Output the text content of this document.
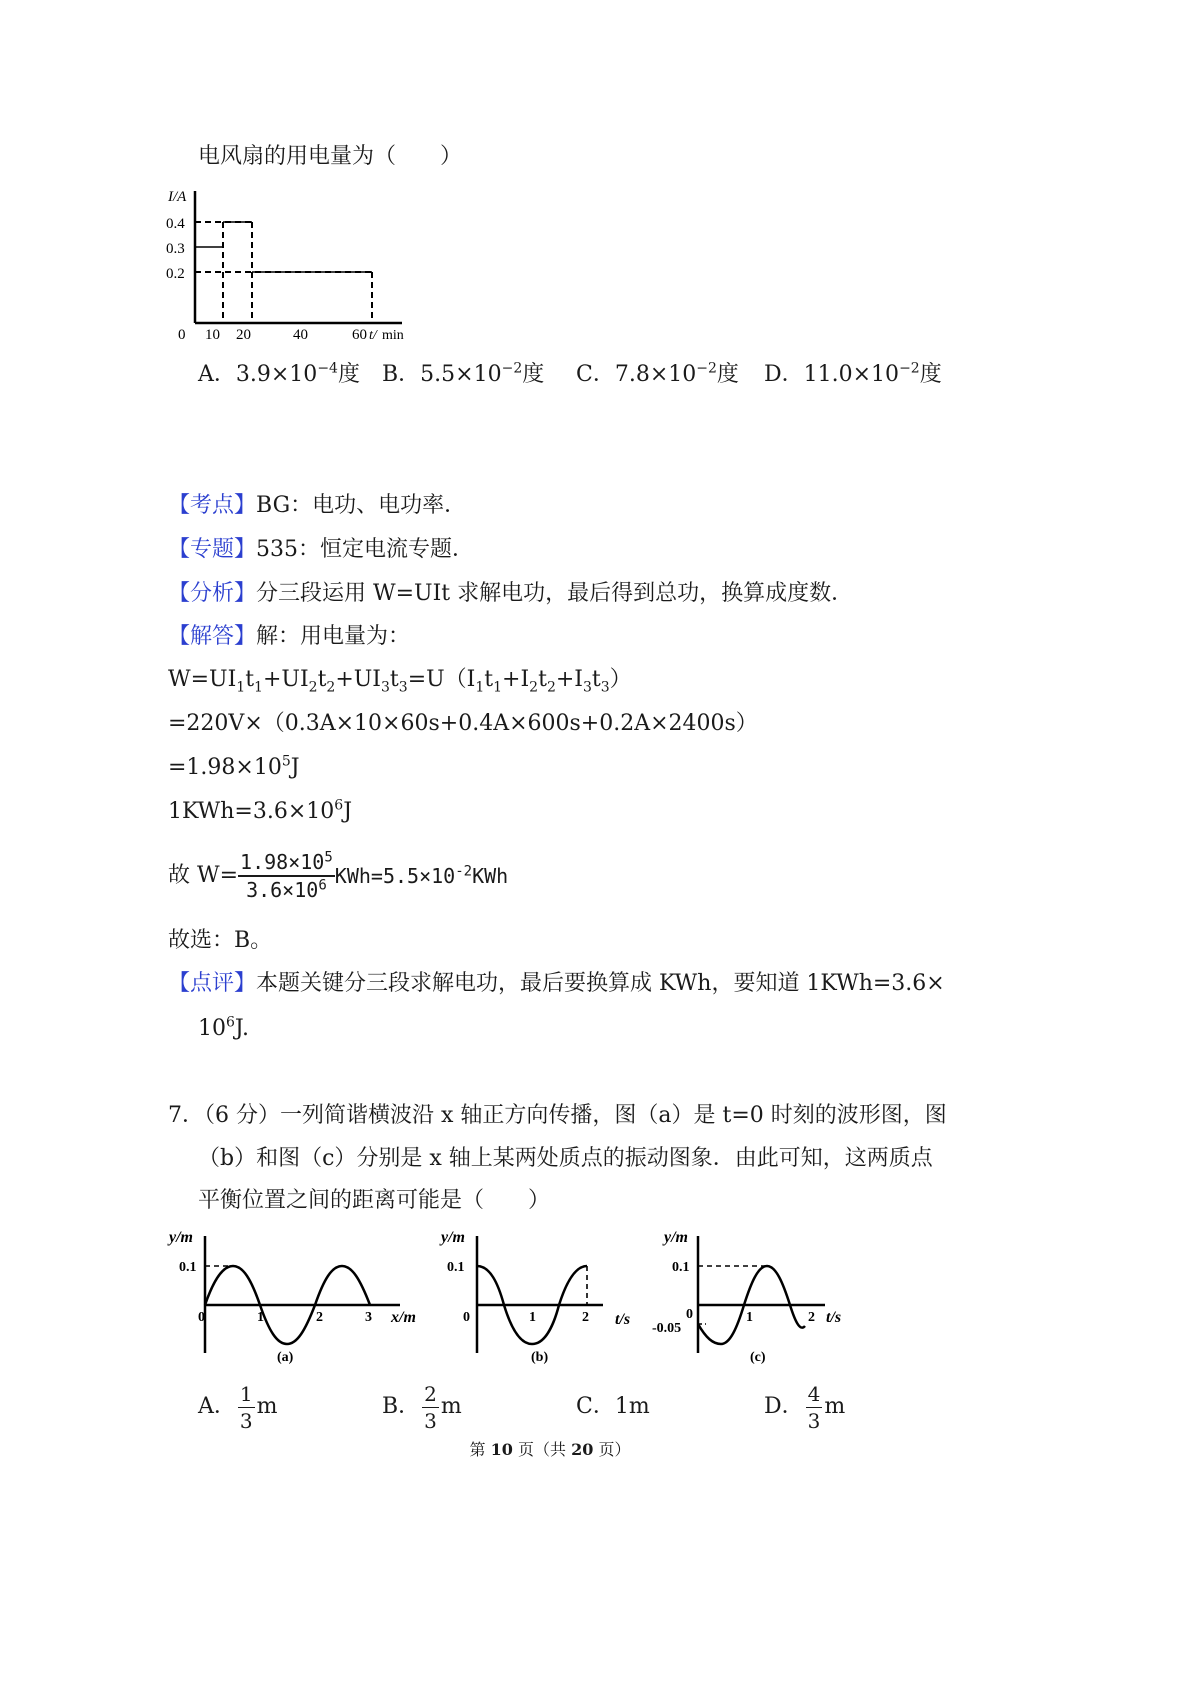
电风扇的用电量为（　　）
I/A
0.4
0.3
0.2
0 10 20	40	60 t/ min
A．$3.9\times 10^{-4}$度 B．$5.5\times 10^{-2}$度 C．$7.8\times 10^{-2}$度 D．$11.0\times 10^{-2}$度
【考点】BG：电功、电功率．
【专题】535：恒定电流专题．
【分析】分三段运用 W=UIt 求解电功，最后得到总功，换算成度数．
【解答】解：用电量为：
$W=UI_1t_1+UI_2t_2+UI_3t_3=U(I_1t_1+I_2t_2+I_3t_3)$
=220V×（0.3A×10×60s+0.4A×600s+0.2A×2400s）
$=1.98\times 10^5J$
$1KWh=3.6\times 10^6J$
故 $W= \frac{1.98\times 10^5}{3.6\times 10^6} KWh=5.5\times 10^{-2}KWh$
故选：B。
【点评】本题关键分三段求解电功，最后要换算成 KWh，要知道 1KWh=3.6×
$10^6J$.
7．（6 分）一列简谐横波沿 x 轴正方向传播，图（a）是 t=0 时刻的波形图，图
（b）和图（c）分别是 x 轴上某两处质点的振动图象．由此可知，这两质点
平衡位置之间的距离可能是（　　）
y/m
0.1
0	1	2	3 x/m
(a)
y/m
0.1
0	1	2 t/s
(b)
y/m
0.1
-0.05
0	1	2 t/s
(c)
A． $\frac{1}{3}$ m	B． $\frac{2}{3}$ m	C． 1m	D． $\frac{4}{3}$ m
第 10 页（共 20 页）
